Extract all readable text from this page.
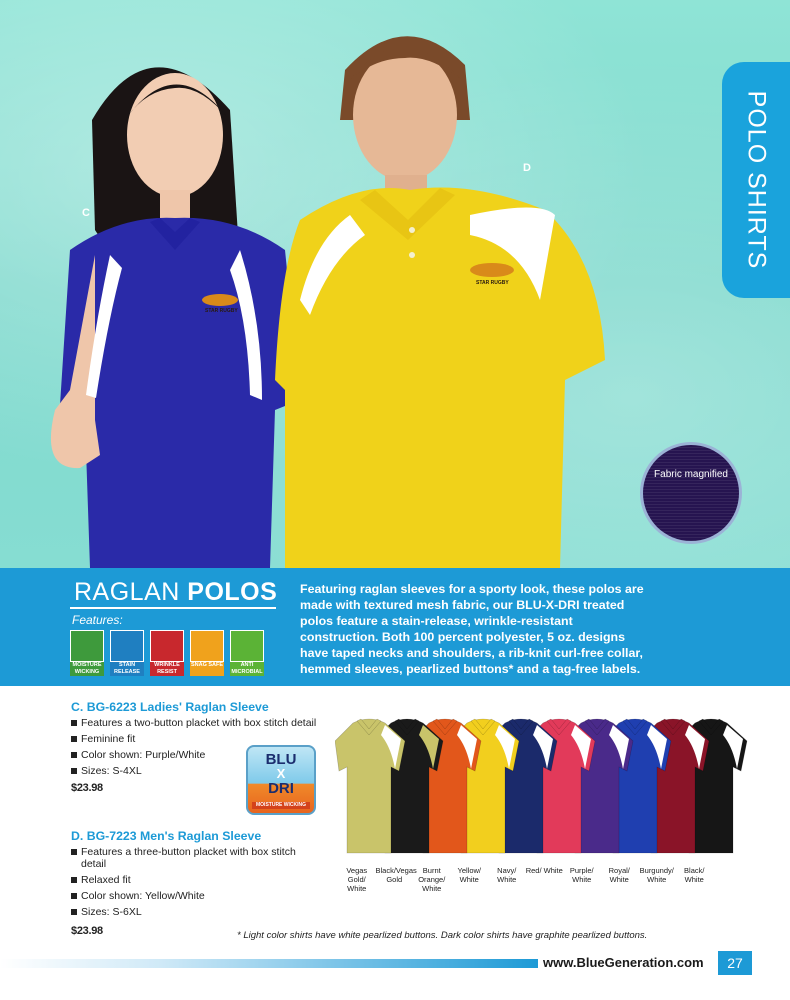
STAR RUGBY
STAR RUGBY
C
D	POLO SHIRTS
Fabric magnified
RAGLAN POLOS
Features:
MOISTURE WICKING
STAIN RELEASE
WRINKLE RESIST
SNAG SAFE	ANTI MICROBIAL
Featuring raglan sleeves for a sporty look, these polos are made with textured mesh fabric, our BLU-X-DRI treated polos feature a stain-release, wrinkle-resistant construction. Both 100 percent polyester, 5 oz. designs have taped necks and shoulders, a rib-knit curl-free collar, hemmed sleeves, pearlized buttons* and a tag-free labels.
C. BG-6223 Ladies' Raglan Sleeve
Features a two-button placket with box stitch detail
Feminine fit
Color shown: Purple/White
Sizes: S-4XL
$23.98
D. BG-7223 Men's Raglan Sleeve
Features a three-button placket with box stitch detail
Relaxed fit
Color shown: Yellow/White
Sizes: S-6XL
$23.98
BLU
X
DRI
MOISTURE WICKING
Vegas Gold/ White
Black/Vegas Gold
Burnt Orange/ White
Yellow/ White
Navy/ White
Red/ White Purple/ White
Royal/ White
Burgundy/ White
Black/ White
* Light color shirts have white pearlized buttons. Dark color shirts have graphite pearlized buttons.
www.BlueGeneration.com	27
